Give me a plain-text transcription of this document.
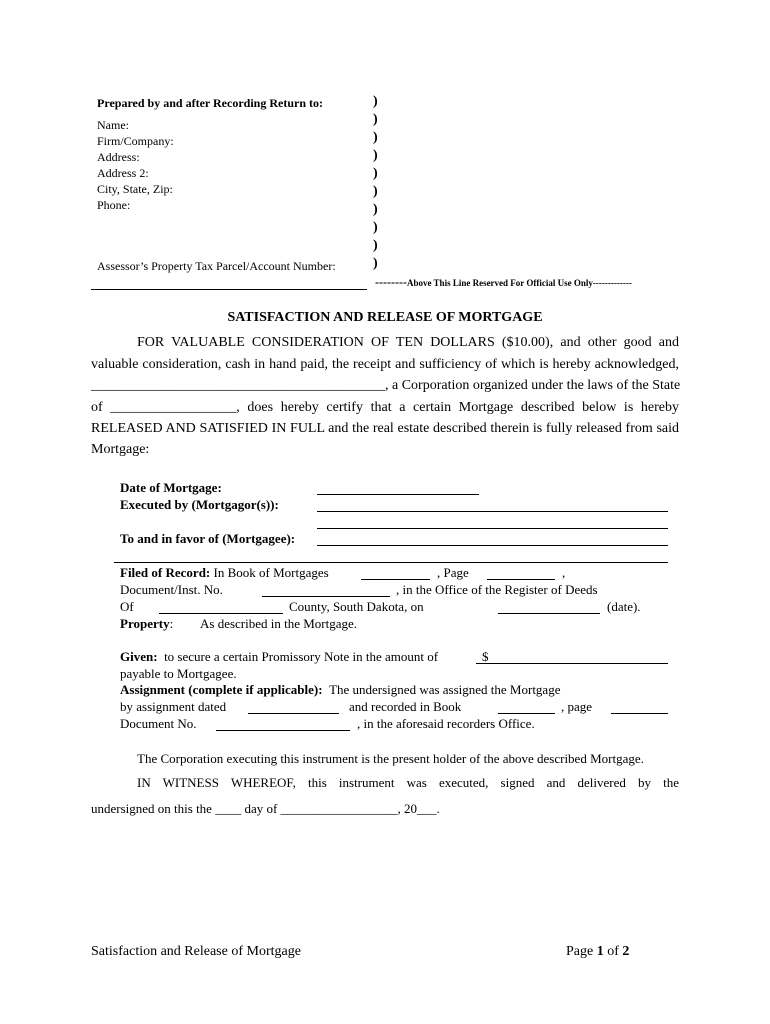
Prepared by and after Recording Return to:
Name:
Firm/Company:
Address:
Address 2:
City, State, Zip:
Phone:
Assessor’s Property Tax Parcel/Account Number:
)
)
)
)
)
)
)
)
)
)
--------Above This Line Reserved For Official Use Only-------------
SATISFACTION AND RELEASE OF MORTGAGE
FOR VALUABLE CONSIDERATION OF TEN DOLLARS ($10.00), and other good and
valuable consideration, cash in hand paid, the receipt and sufficiency of which is hereby acknowledged,
__________________________________________, a Corporation organized under the laws of the State
of __________________, does hereby certify that a certain Mortgage described below is hereby
RELEASED AND SATISFIED IN FULL and the real estate described therein is fully released from said
Mortgage:
Date of Mortgage:
Executed by (Mortgagor(s)):
To and in favor of (Mortgagee):
Filed of Record: In Book of Mortgages	, Page	,
Document/Inst. No.	, in the Office of the Register of Deeds
Of	County, South Dakota, on	(date).
Property: As described in the Mortgage.
Given: to secure a certain Promissory Note in the amount of	$
payable to Mortgagee.
Assignment (complete if applicable): The undersigned was assigned the Mortgage
by assignment dated	and recorded in Book	, page
Document No.	, in the aforesaid recorders Office.
The Corporation executing this instrument is the present holder of the above described Mortgage.
IN WITNESS WHEREOF, this instrument was executed, signed and delivered by the
undersigned on this the ____ day of __________________, 20___.
Satisfaction and Release of Mortgage	Page 1 of 2
